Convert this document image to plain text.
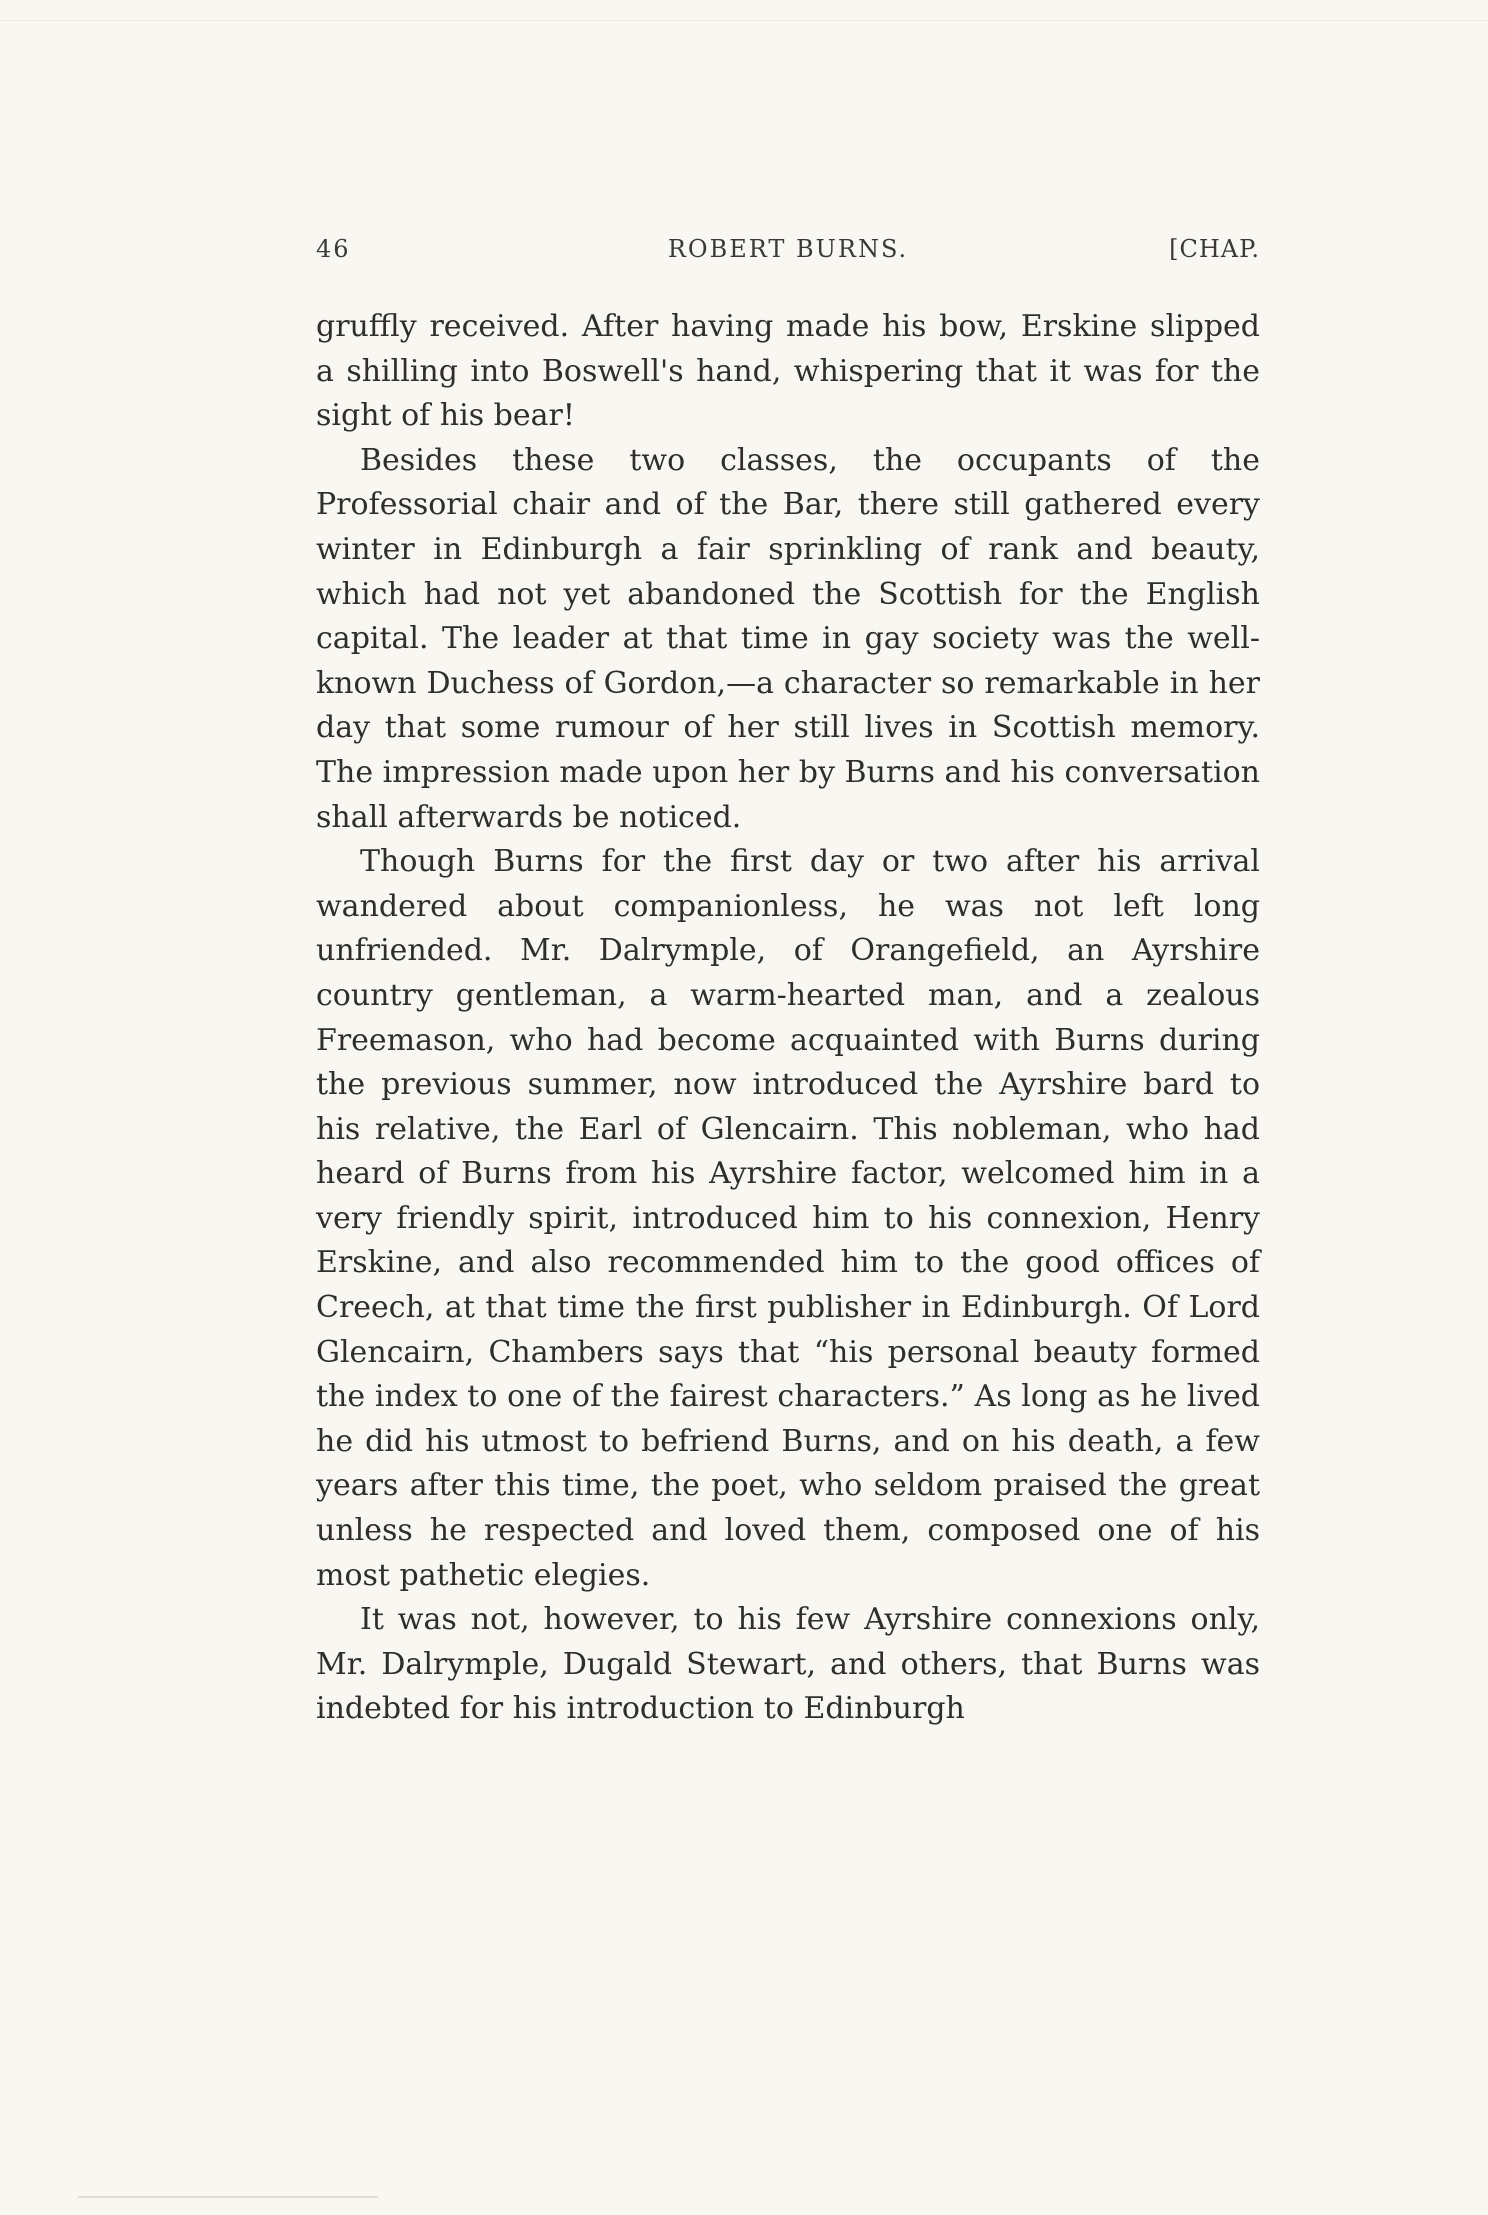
46	ROBERT BURNS.	[CHAP.

gruffly received. After having made his bow, Erskine slipped a shilling into Boswell's hand, whispering that it was for the sight of his bear!

Besides these two classes, the occupants of the Professorial chair and of the Bar, there still gathered every winter in Edinburgh a fair sprinkling of rank and beauty, which had not yet abandoned the Scottish for the English capital. The leader at that time in gay society was the well-known Duchess of Gordon,—a character so remarkable in her day that some rumour of her still lives in Scottish memory. The impression made upon her by Burns and his conversation shall afterwards be noticed.

Though Burns for the first day or two after his arrival wandered about companionless, he was not left long unfriended. Mr. Dalrymple, of Orangefield, an Ayrshire country gentleman, a warm-hearted man, and a zealous Freemason, who had become acquainted with Burns during the previous summer, now introduced the Ayrshire bard to his relative, the Earl of Glencairn. This nobleman, who had heard of Burns from his Ayrshire factor, welcomed him in a very friendly spirit, introduced him to his connexion, Henry Erskine, and also recommended him to the good offices of Creech, at that time the first publisher in Edinburgh. Of Lord Glencairn, Chambers says that “his personal beauty formed the index to one of the fairest characters.” As long as he lived he did his utmost to befriend Burns, and on his death, a few years after this time, the poet, who seldom praised the great unless he respected and loved them, composed one of his most pathetic elegies.

It was not, however, to his few Ayrshire connexions only, Mr. Dalrymple, Dugald Stewart, and others, that Burns was indebted for his introduction to Edinburgh
